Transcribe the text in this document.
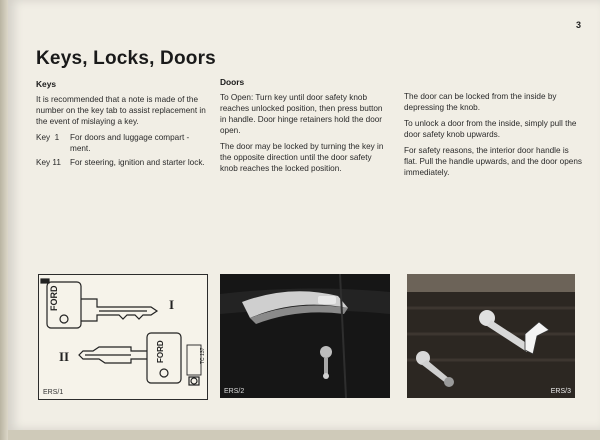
3
Keys, Locks, Doors
Keys

It is recommended that a note is made of the number on the key tab to assist replacement in the event of mislaying a key.

Key  1	For doors and luggage compart - ment.
Key 11	For steering, ignition and starter lock.
Doors

To Open: Turn key until door safety knob reaches unlocked position, then press button in handle. Door hinge retainers hold the door open.

The door may be locked by turning the key in the opposite direction until the door safety knob reaches the locked position.

The door can be locked from the inside by depressing the knob.

To unlock a door from the inside, simply pull the door safety knob upwards.

For safety reasons, the interior door handle is flat. Pull the handle upwards, and the door opens immediately.

FORD
FORD	TC 137
I
II
ERS/1	ERS/2	ERS/3
